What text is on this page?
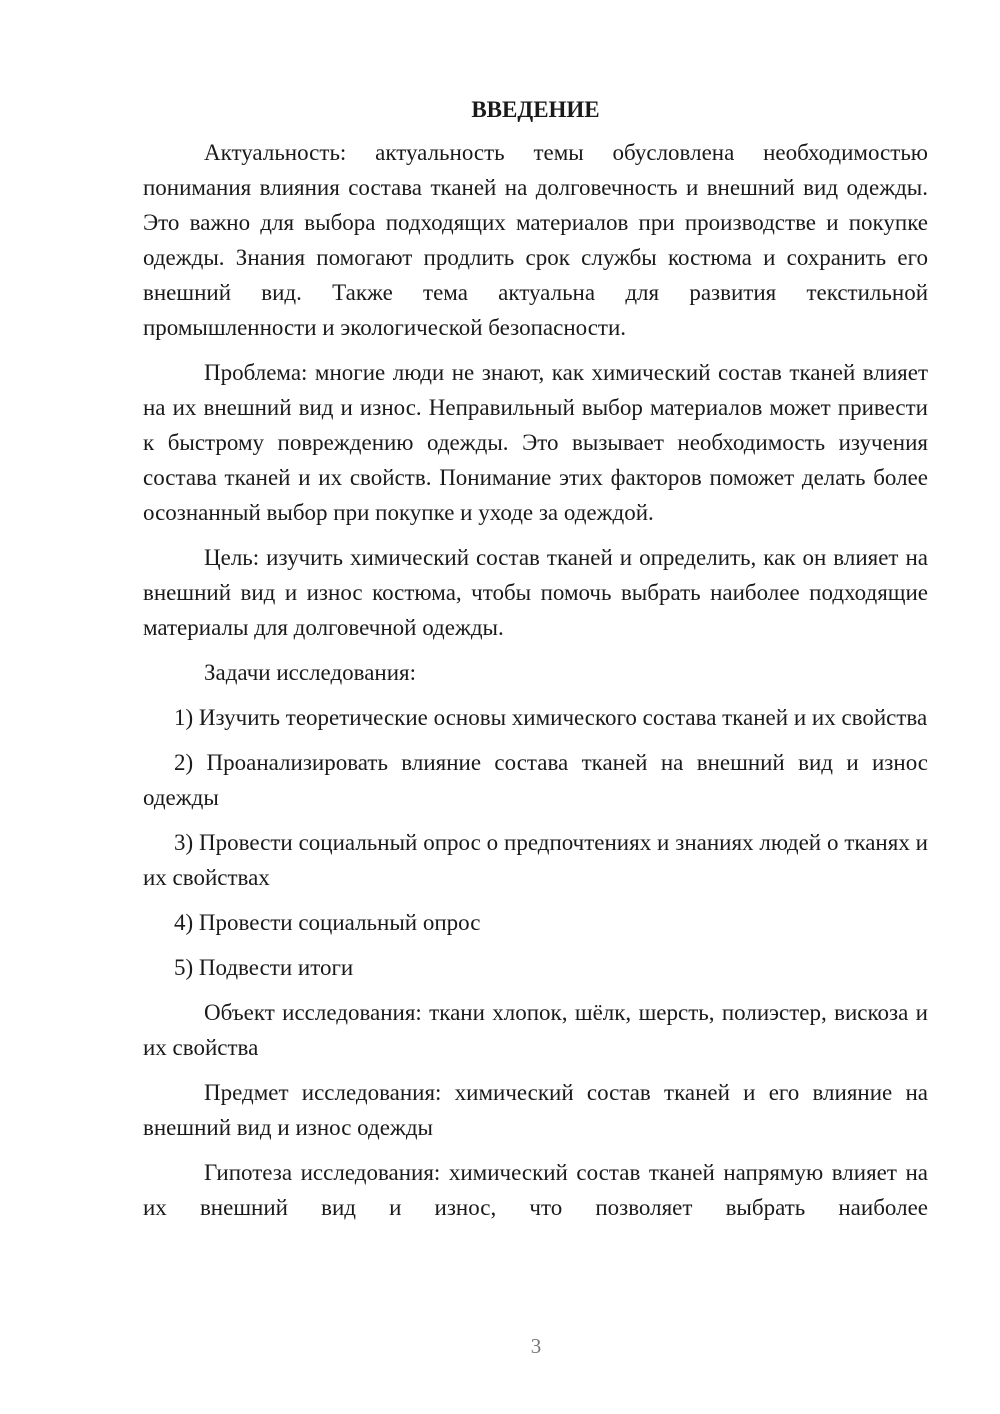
ВВЕДЕНИЕ
Актуальность: актуальность темы обусловлена необходимостью понимания влияния состава тканей на долговечность и внешний вид одежды. Это важно для выбора подходящих материалов при производстве и покупке одежды. Знания помогают продлить срок службы костюма и сохранить его внешний вид. Также тема актуальна для развития текстильной промышленности и экологической безопасности.
Проблема: многие люди не знают, как химический состав тканей влияет на их внешний вид и износ. Неправильный выбор материалов может привести к быстрому повреждению одежды. Это вызывает необходимость изучения состава тканей и их свойств. Понимание этих факторов поможет делать более осознанный выбор при покупке и уходе за одеждой.
Цель: изучить химический состав тканей и определить, как он влияет на внешний вид и износ костюма, чтобы помочь выбрать наиболее подходящие материалы для долговечной одежды.
Задачи исследования:
1) Изучить теоретические основы химического состава тканей и их свойства
2) Проанализировать влияние состава тканей на внешний вид и износ одежды
3) Провести социальный опрос о предпочтениях и знаниях людей о тканях и их свойствах
4) Провести социальный опрос
5) Подвести итоги
Объект исследования: ткани хлопок, шёлк, шерсть, полиэстер, вискоза и их свойства
Предмет исследования: химический состав тканей и его влияние на внешний вид и износ одежды
Гипотеза исследования: химический состав тканей напрямую влияет на их внешний вид и износ, что позволяет выбрать наиболее
3
